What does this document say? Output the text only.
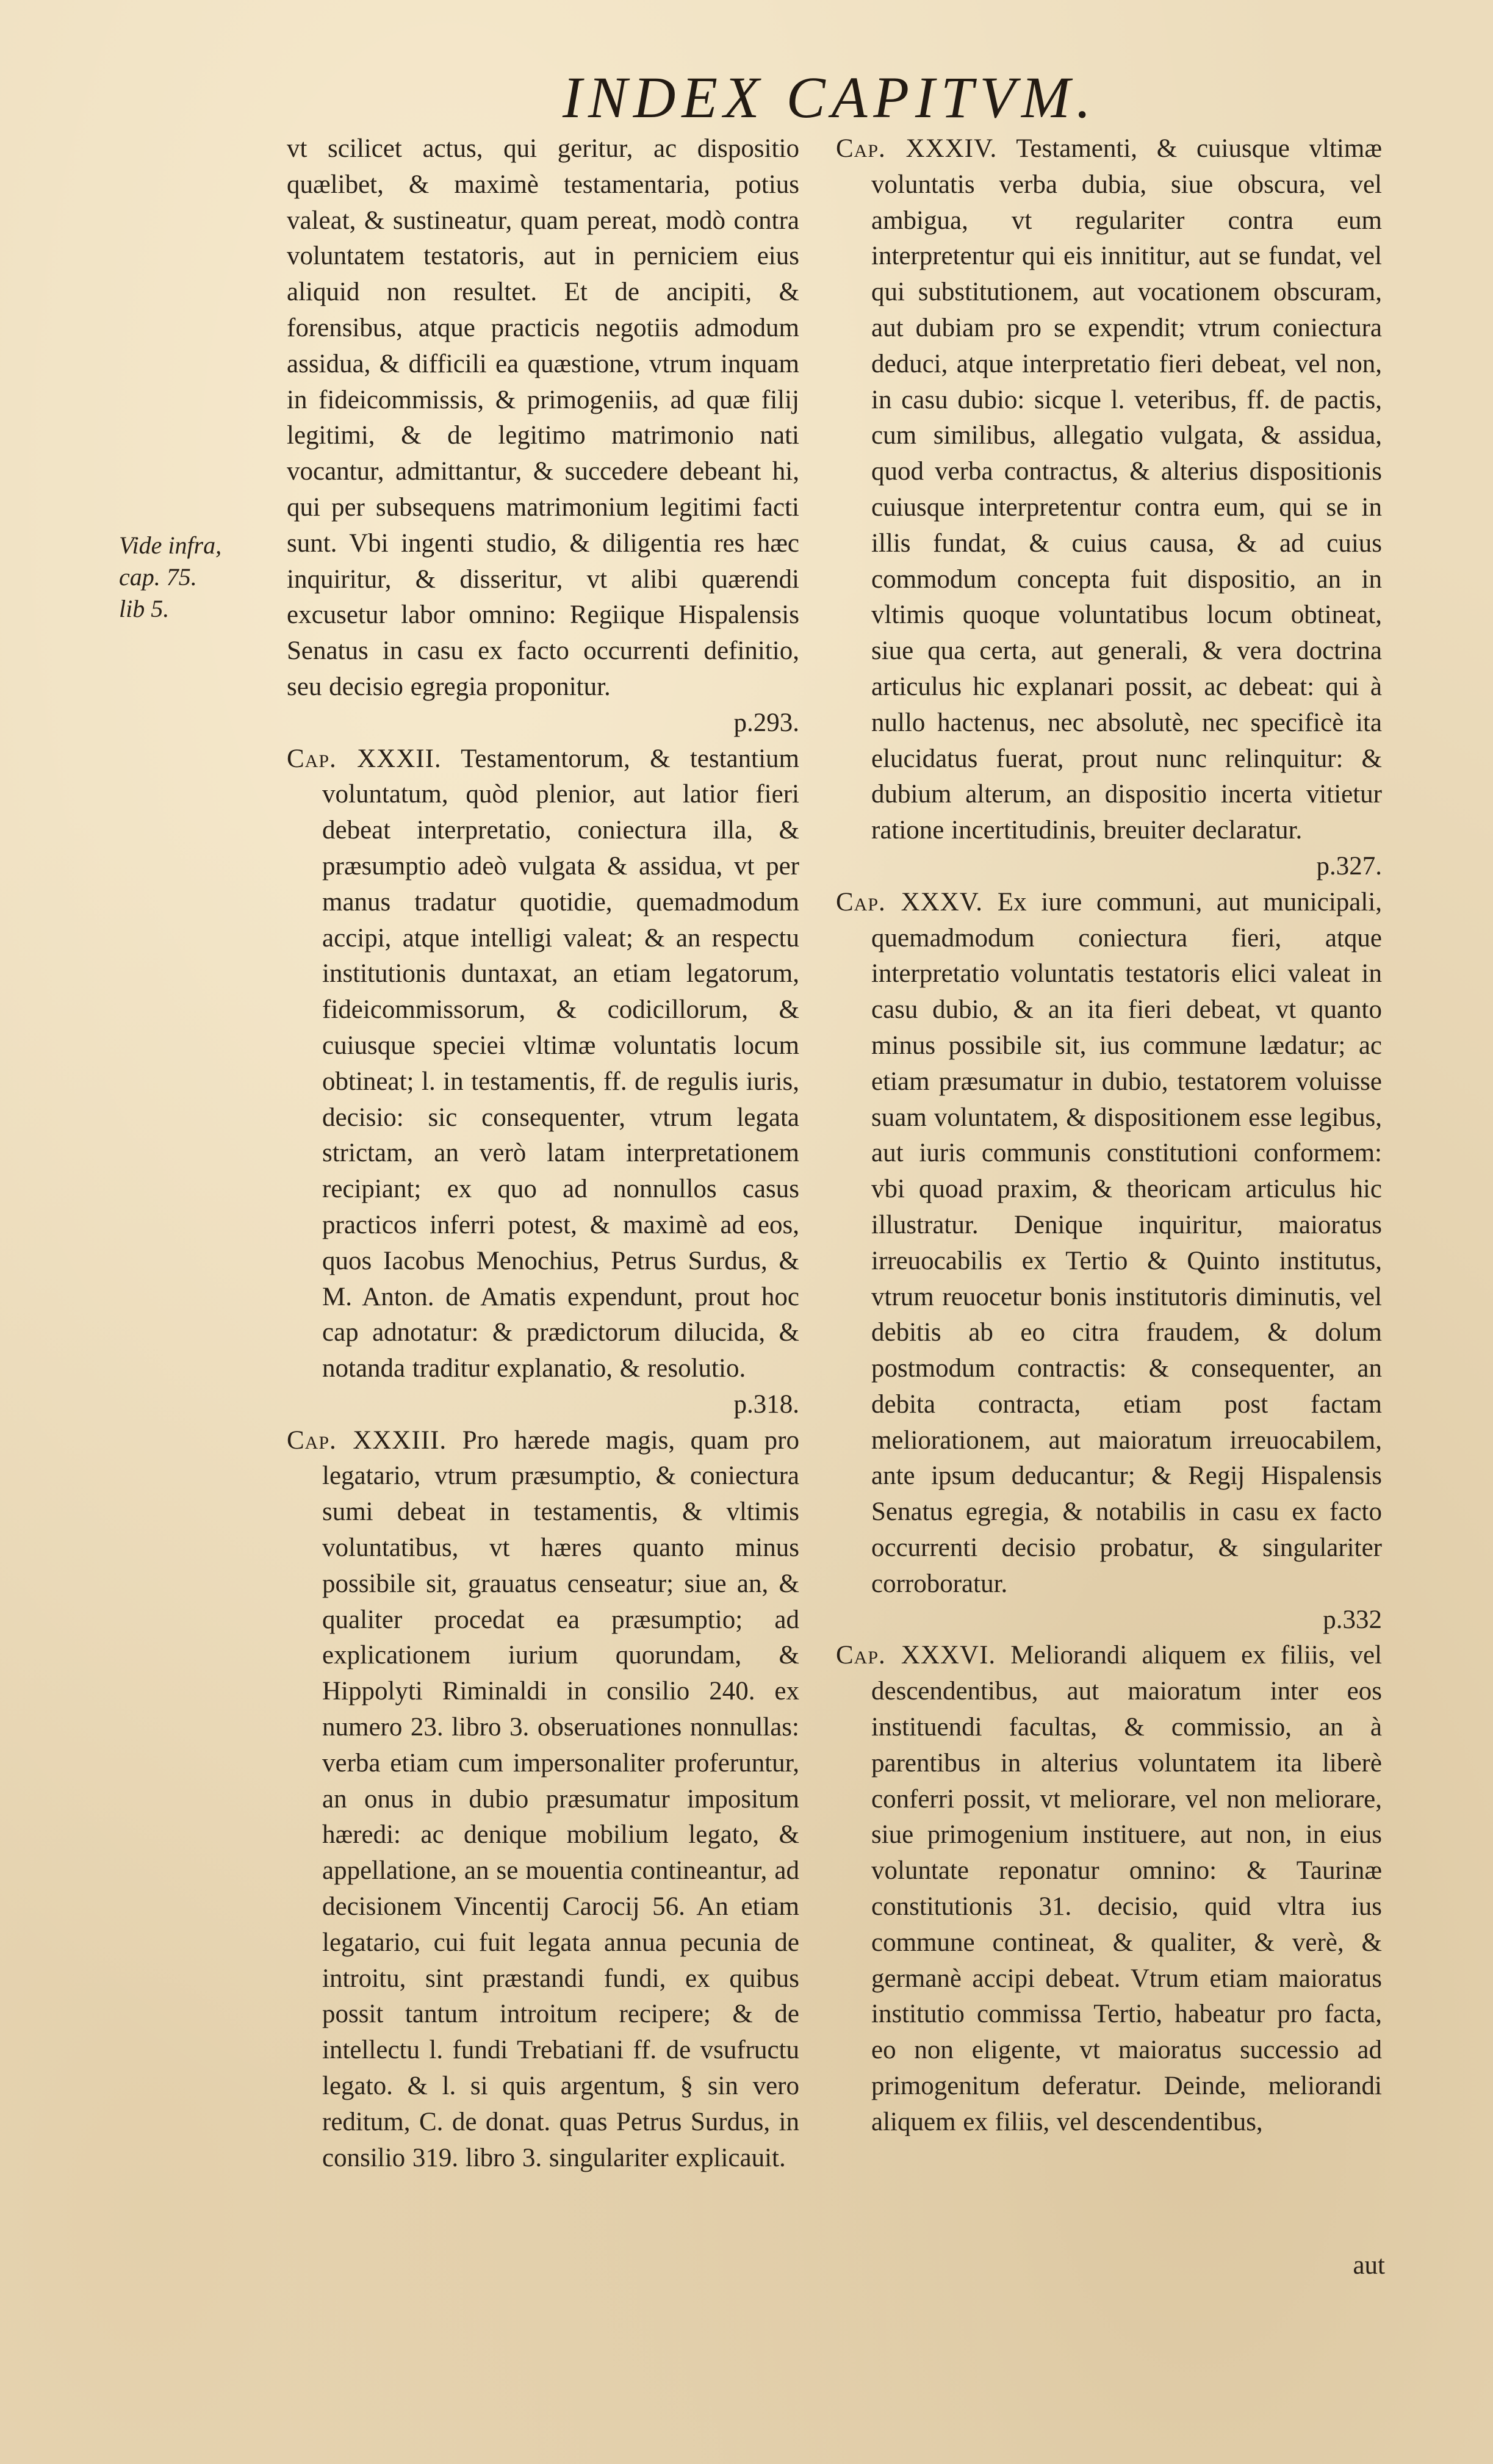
INDEX CAPITVM.
Vide infra,
cap. 75.
lib 5.

vt scilicet actus, qui geritur, ac dispositio quælibet, & maximè testamentaria, potius valeat, & sustineatur, quam pereat, modò contra voluntatem testatoris, aut in perniciem eius aliquid non resultet. Et de ancipiti, & forensibus, atque practicis negotiis admodum assidua, & difficili ea quæstione, vtrum inquam in fideicommissis, & primogeniis, ad quæ filij legitimi, & de legitimo matrimonio nati vocantur, admittantur, & succedere debeant hi, qui per subsequens matrimonium legitimi facti sunt. Vbi ingenti studio, & diligentia res hæc inquiritur, & disseritur, vt alibi quærendi excusetur labor omnino: Regiique Hispalensis Senatus in casu ex facto occurrenti definitio, seu decisio egregia proponitur.
p.293.

Cap. XXXII. Testamentorum, & testantium voluntatum, quòd plenior, aut latior fieri debeat interpretatio, coniectura illa, & præsumptio adeò vulgata & assidua, vt per manus tradatur quotidie, quemadmodum accipi, atque intelligi valeat; & an respectu institutionis duntaxat, an etiam legatorum, fideicommissorum, & codicillorum, & cuiusque speciei vltimæ voluntatis locum obtineat; l. in testamentis, ff. de regulis iuris, decisio: sic consequenter, vtrum legata strictam, an verò latam interpretationem recipiant; ex quo ad nonnullos casus practicos inferri potest, & maximè ad eos, quos Iacobus Menochius, Petrus Surdus, & M. Anton. de Amatis expendunt, prout hoc cap adnotatur: & prædictorum dilucida, & notanda traditur explanatio, & resolutio.
p.318.

Cap. XXXIII. Pro hærede magis, quam pro legatario, vtrum præsumptio, & coniectura sumi debeat in testamentis, & vltimis voluntatibus, vt hæres quanto minus possibile sit, grauatus censeatur; siue an, & qualiter procedat ea præsumptio; ad explicationem iurium quorundam, & Hippolyti Riminaldi in consilio 240. ex numero 23. libro 3. obseruationes nonnullas: verba etiam cum impersonaliter proferuntur, an onus in dubio præsumatur impositum hæredi: ac denique mobilium legato, & appellatione, an se mouentia contineantur, ad decisionem Vincentij Carocij 56. An etiam legatario, cui fuit legata annua pecunia de introitu, sint præstandi fundi, ex quibus possit tantum introitum recipere; & de intellectu l. fundi Trebatiani ff. de vsufructu legato. & l. si quis argentum, § sin vero reditum, C. de donat. quas Petrus Surdus, in consilio 319. libro 3. singulariter explicauit.

Cap. XXXIV. Testamenti, & cuiusque vltimæ voluntatis verba dubia, siue obscura, vel ambigua, vt regulariter contra eum interpretentur qui eis innititur, aut se fundat, vel qui substitutionem, aut vocationem obscuram, aut dubiam pro se expendit; vtrum coniectura deduci, atque interpretatio fieri debeat, vel non, in casu dubio: sicque l. veteribus, ff. de pactis, cum similibus, allegatio vulgata, & assidua, quod verba contractus, & alterius dispositionis cuiusque interpretentur contra eum, qui se in illis fundat, & cuius causa, & ad cuius commodum concepta fuit dispositio, an in vltimis quoque voluntatibus locum obtineat, siue qua certa, aut generali, & vera doctrina articulus hic explanari possit, ac debeat: qui à nullo hactenus, nec absolutè, nec specificè ita elucidatus fuerat, prout nunc relinquitur: & dubium alterum, an dispositio incerta vitietur ratione incertitudinis, breuiter declaratur.
p.327.

Cap. XXXV. Ex iure communi, aut municipali, quemadmodum coniectura fieri, atque interpretatio voluntatis testatoris elici valeat in casu dubio, & an ita fieri debeat, vt quanto minus possibile sit, ius commune lædatur; ac etiam præsumatur in dubio, testatorem voluisse suam voluntatem, & dispositionem esse legibus, aut iuris communis constitutioni conformem: vbi quoad praxim, & theoricam articulus hic illustratur. Denique inquiritur, maioratus irreuocabilis ex Tertio & Quinto institutus, vtrum reuocetur bonis institutoris diminutis, vel debitis ab eo citra fraudem, & dolum postmodum contractis: & consequenter, an debita contracta, etiam post factam meliorationem, aut maioratum irreuocabilem, ante ipsum deducantur; & Regij Hispalensis Senatus egregia, & notabilis in casu ex facto occurrenti decisio probatur, & singulariter corroboratur.
p.332

Cap. XXXVI. Meliorandi aliquem ex filiis, vel descendentibus, aut maioratum inter eos instituendi facultas, & commissio, an à parentibus in alterius voluntatem ita liberè conferri possit, vt meliorare, vel non meliorare, siue primogenium instituere, aut non, in eius voluntate reponatur omnino: & Taurinæ constitutionis 31. decisio, quid vltra ius commune contineat, & qualiter, & verè, & germanè accipi debeat. Vtrum etiam maioratus institutio commissa Tertio, habeatur pro facta, eo non eligente, vt maioratus successio ad primogenitum deferatur. Deinde, meliorandi aliquem ex filiis, vel descendentibus,

aut
